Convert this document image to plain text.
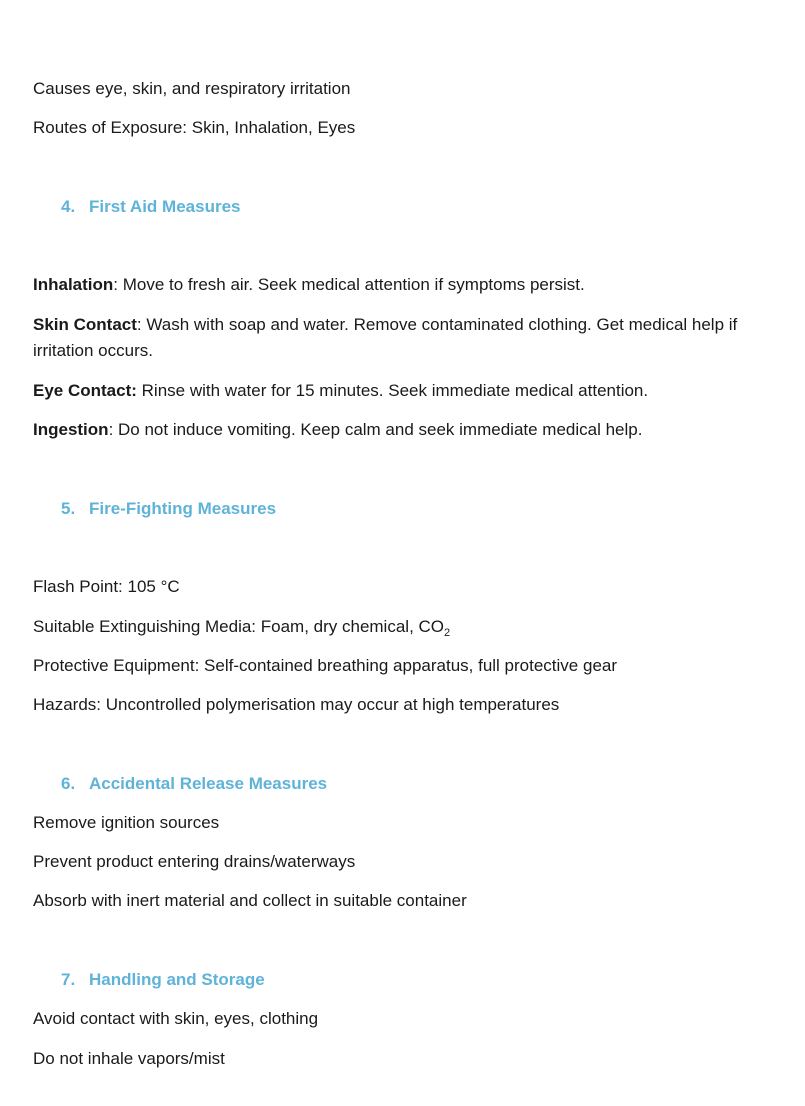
Causes eye, skin, and respiratory irritation
Routes of Exposure: Skin, Inhalation, Eyes
4. First Aid Measures
Inhalation: Move to fresh air. Seek medical attention if symptoms persist.
Skin Contact: Wash with soap and water. Remove contaminated clothing. Get medical help if irritation occurs.
Eye Contact: Rinse with water for 15 minutes. Seek immediate medical attention.
Ingestion: Do not induce vomiting. Keep calm and seek immediate medical help.
5. Fire-Fighting Measures
Flash Point: 105 °C
Suitable Extinguishing Media: Foam, dry chemical, $CO_2$
Protective Equipment: Self-contained breathing apparatus, full protective gear
Hazards: Uncontrolled polymerisation may occur at high temperatures
6. Accidental Release Measures
Remove ignition sources
Prevent product entering drains/waterways
Absorb with inert material and collect in suitable container
7. Handling and Storage
Avoid contact with skin, eyes, clothing
Do not inhale vapors/mist
